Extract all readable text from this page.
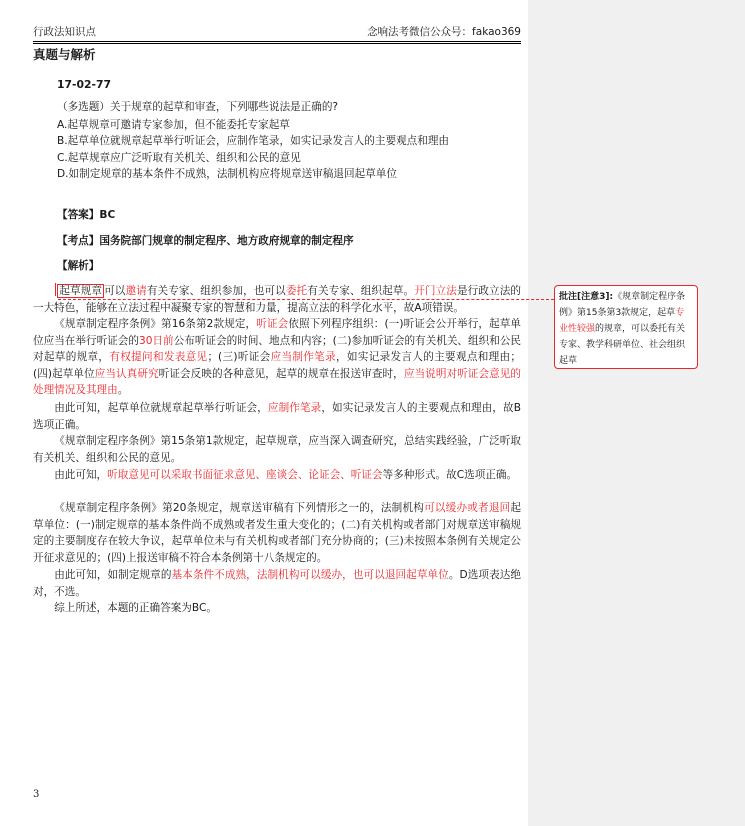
行政法知识点	念响法考微信公众号：fakao369
真题与解析
17-02-77
（多选题）关于规章的起草和审查，下列哪些说法是正确的?
A.起草规章可邀请专家参加，但不能委托专家起草
B.起草单位就规章起草举行听证会，应制作笔录，如实记录发言人的主要观点和理由
C.起草规章应广泛听取有关机关、组织和公民的意见
D.如制定规章的基本条件不成熟，法制机构应将规章送审稿退回起草单位
【答案】BC
【考点】国务院部门规章的制定程序、地方政府规章的制定程序
【解析】
起草规章 可以邀请有关专家、组织参加，也可以委托有关专家、组织起草。开门立法是行政立法的一大特色，能够在立法过程中凝聚专家的智慧和力量，提高立法的科学化水平，故A项错误。
《规章制定程序条例》第16条第2款规定，听证会依照下列程序组织：(一)听证会公开举行，起草单位应当在举行听证会的30日前公布听证会的时间、地点和内容；(二)参加听证会的有关机关、组织和公民对起草的规章，有权提问和发表意见；(三)听证会应当制作笔录，如实记录发言人的主要观点和理由；(四)起草单位应当认真研究听证会反映的各种意见，起草的规章在报送审查时，应当说明对听证会意见的处理情况及其理由。
由此可知，起草单位就规章起草举行听证会，应制作笔录，如实记录发言人的主要观点和理由，故B选项正确。
《规章制定程序条例》第15条第1款规定，起草规章，应当深入调查研究，总结实践经验，广泛听取有关机关、组织和公民的意见。
由此可知，听取意见可以采取书面征求意见、座谈会、论证会、听证会等多种形式。故C选项正确。
《规章制定程序条例》第20条规定，规章送审稿有下列情形之一的，法制机构可以缓办或者退回起草单位：(一)制定规章的基本条件尚不成熟或者发生重大变化的；(二)有关机构或者部门对规章送审稿规定的主要制度存在较大争议，起草单位未与有关机构或者部门充分协商的；(三)未按照本条例有关规定公开征求意见的；(四)上报送审稿不符合本条例第十八条规定的。
由此可知，如制定规章的基本条件不成熟，法制机构可以缓办，也可以退回起草单位。D选项表达绝对，不选。
综上所述，本题的正确答案为BC。
3
批注[注意3]:《规章制定程序条例》第15条第3款规定，起草专业性较强的规章，可以委托有关专家、教学科研单位、社会组织起草
